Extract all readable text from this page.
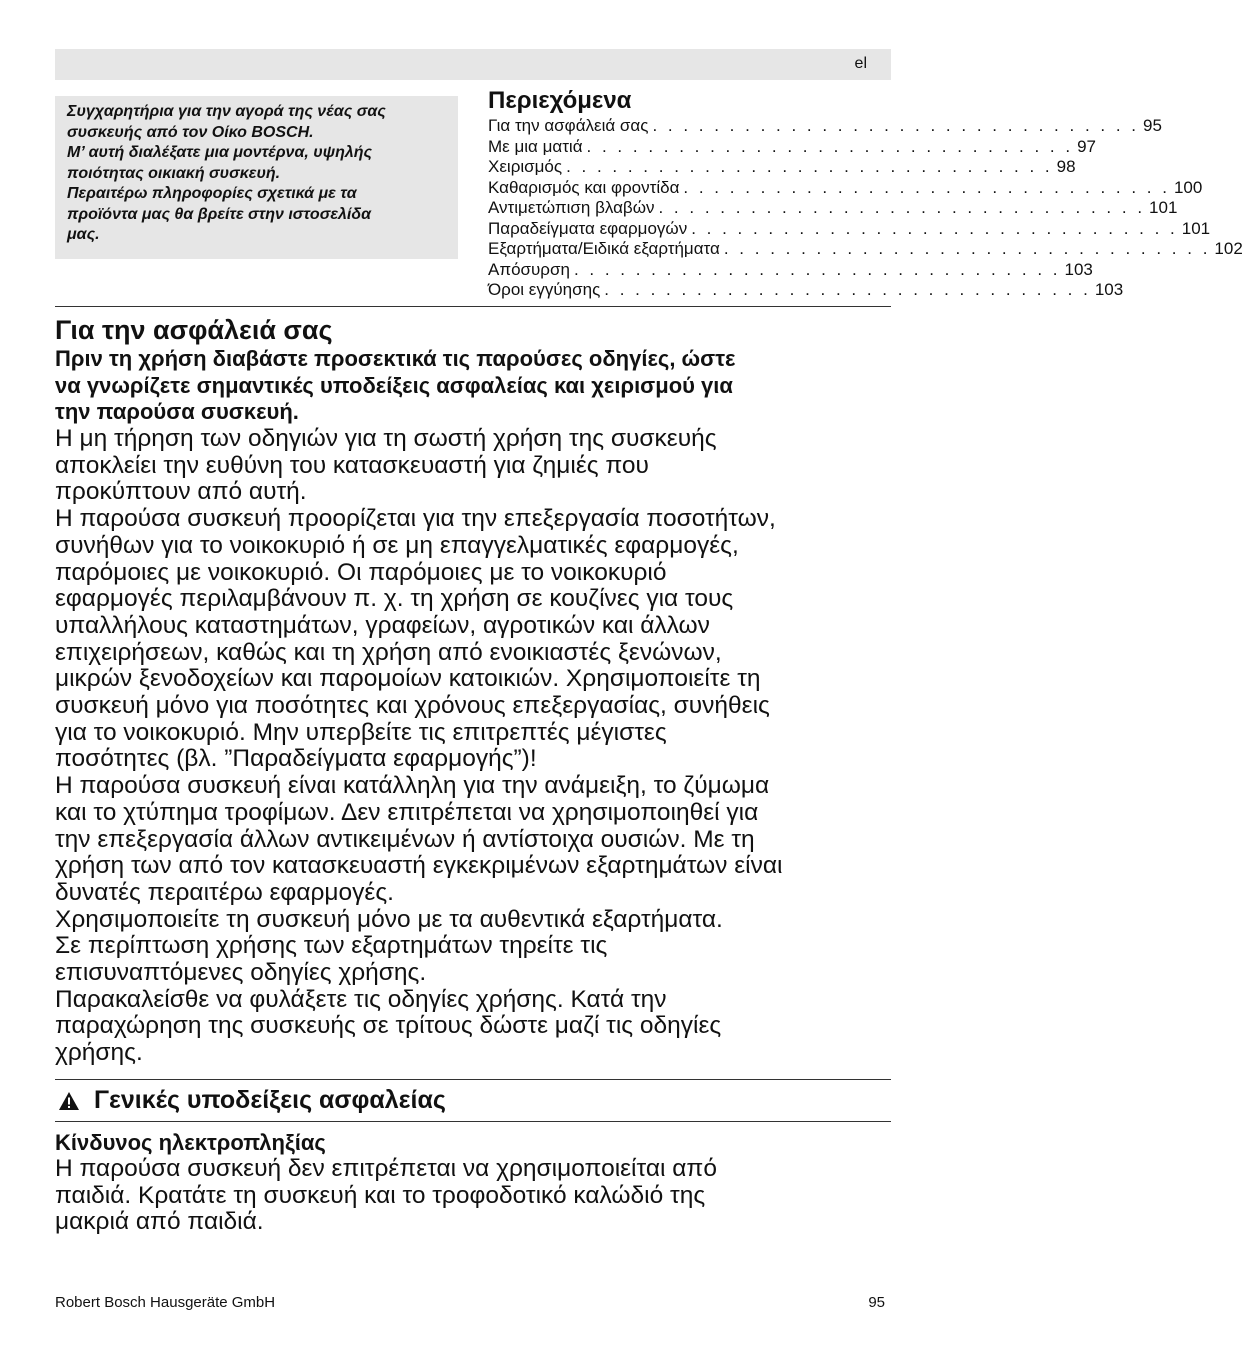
el
Συγχαρητήρια για την αγορά της νέας σας
συσκευής από τον Οίκο BOSCH.
Μ’ αυτή διαλέξατε μια μοντέρνα, υψηλής
ποιότητας οικιακή συσκευή.
Περαιτέρω πληροφορίες σχετικά με τα
προϊόντα μας θα βρείτε στην ιστοσελίδα
μας.
Περιεχόμενα
Για την ασφάλειά σας . . . . . . . . . . . . . . . . . . . . . . . . . . . . . . . . 95
Με μια ματιά . . . . . . . . . . . . . . . . . . . . . . . . . . . . . . . . 97
Χειρισμός . . . . . . . . . . . . . . . . . . . . . . . . . . . . . . . . 98
Καθαρισμός και φροντίδα . . . . . . . . . . . . . . . . . . . . . . . . . . . . . . . . 100
Αντιμετώπιση βλαβών . . . . . . . . . . . . . . . . . . . . . . . . . . . . . . . . 101
Παραδείγματα εφαρμογών . . . . . . . . . . . . . . . . . . . . . . . . . . . . . . . . 101
Εξαρτήματα/Ειδικά εξαρτήματα . . . . . . . . . . . . . . . . . . . . . . . . . . . . . . . . 102
Απόσυρση . . . . . . . . . . . . . . . . . . . . . . . . . . . . . . . . 103
Όροι εγγύησης . . . . . . . . . . . . . . . . . . . . . . . . . . . . . . . . 103
Για την ασφάλειά σας
Πριν τη χρήση διαβάστε προσεκτικά τις παρούσες οδηγίες, ώστε
να γνωρίζετε σημαντικές υποδείξεις ασφαλείας και χειρισμού για
την παρούσα συσκευή.
Η μη τήρηση των οδηγιών για τη σωστή χρήση της συσκευής
αποκλείει την ευθύνη του κατασκευαστή για ζημιές που
προκύπτουν από αυτή.
Η παρούσα συσκευή προορίζεται για την επεξεργασία ποσοτήτων,
συνήθων για το νοικοκυριό ή σε μη επαγγελματικές εφαρμογές,
παρόμοιες με νοικοκυριό. Οι παρόμοιες με το νοικοκυριό
εφαρμογές περιλαμβάνουν π. χ. τη χρήση σε κουζίνες για τους
υπαλλήλους καταστημάτων, γραφείων, αγροτικών και άλλων
επιχειρήσεων, καθώς και τη χρήση από ενοικιαστές ξενώνων,
μικρών ξενοδοχείων και παρομοίων κατοικιών. Χρησιμοποιείτε τη
συσκευή μόνο για ποσότητες και χρόνους επεξεργασίας, συνήθεις
για το νοικοκυριό. Μην υπερβείτε τις επιτρεπτές μέγιστες
ποσότητες (βλ. ”Παραδείγματα εφαρμογής”)!
Η παρούσα συσκευή είναι κατάλληλη για την ανάμειξη, το ζύμωμα
και το χτύπημα τροφίμων. Δεν επιτρέπεται να χρησιμοποιηθεί για
την επεξεργασία άλλων αντικειμένων ή αντίστοιχα ουσιών. Με τη
χρήση των από τον κατασκευαστή εγκεκριμένων εξαρτημάτων είναι
δυνατές περαιτέρω εφαρμογές.
Χρησιμοποιείτε τη συσκευή μόνο με τα αυθεντικά εξαρτήματα.
Σε περίπτωση χρήσης των εξαρτημάτων τηρείτε τις
επισυναπτόμενες οδηγίες χρήσης.
Παρακαλείσθε να φυλάξετε τις οδηγίες χρήσης. Κατά την
παραχώρηση της συσκευής σε τρίτους δώστε μαζί τις οδηγίες
χρήσης.
Γενικές υποδείξεις ασφαλείας
Κίνδυνος ηλεκτροπληξίας
Η παρούσα συσκευή δεν επιτρέπεται να χρησιμοποιείται από
παιδιά. Κρατάτε τη συσκευή και το τροφοδοτικό καλώδιό της
μακριά από παιδιά.
Robert Bosch Hausgeräte GmbH	95
